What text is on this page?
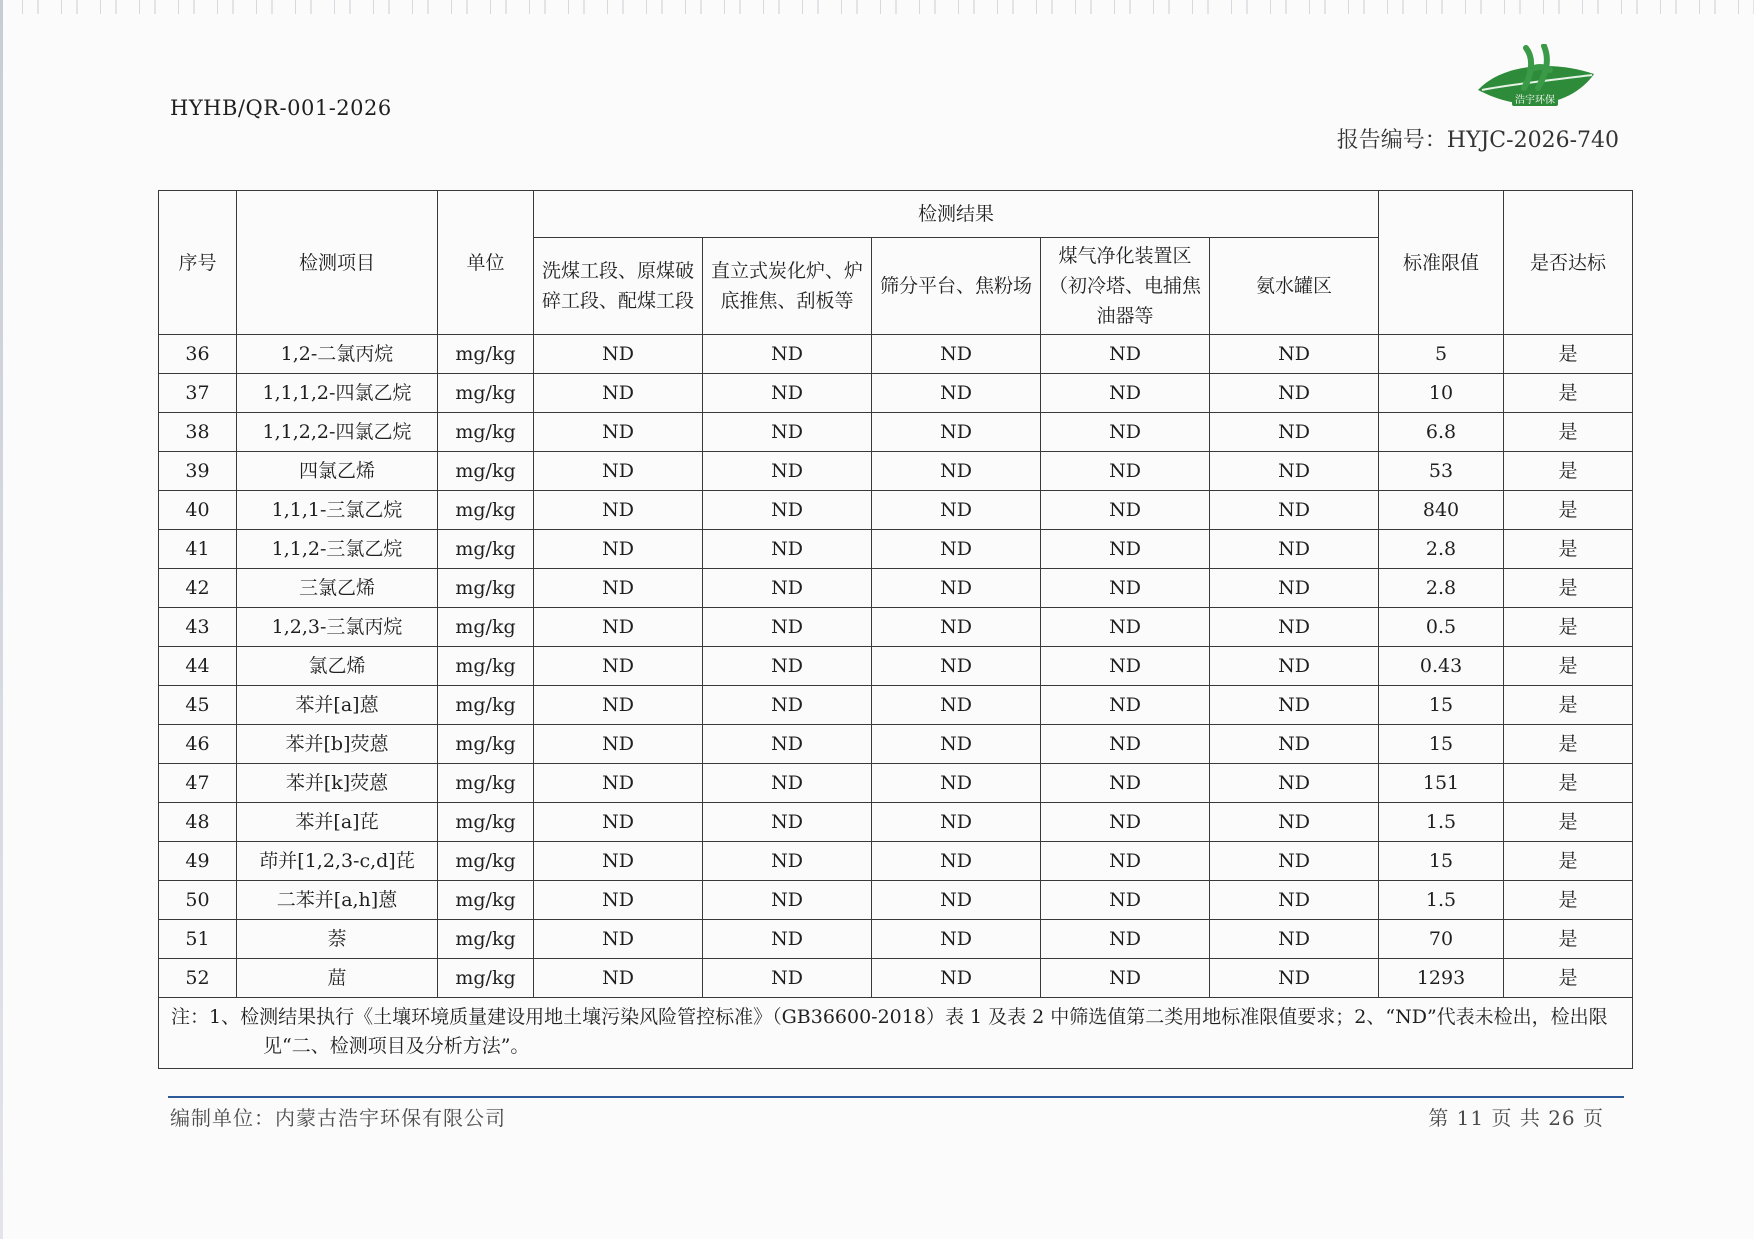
HYHB/QR-001-2026	浩宇环保
报告编号：HYJC-2026-740
序号	检测项目	单位	检测结果					标准限值	是否达标
			洗煤工段、原煤破碎工段、配煤工段	直立式炭化炉、炉底推焦、刮板等	筛分平台、焦粉场	煤气净化装置区（初冷塔、电捕焦油器等	氨水罐区		
36	1,2-二氯丙烷	mg/kg	ND	ND	ND	ND	ND	5	是
37	1,1,1,2-四氯乙烷	mg/kg	ND	ND	ND	ND	ND	10	是
38	1,1,2,2-四氯乙烷	mg/kg	ND	ND	ND	ND	ND	6.8	是
39	四氯乙烯	mg/kg	ND	ND	ND	ND	ND	53	是
40	1,1,1-三氯乙烷	mg/kg	ND	ND	ND	ND	ND	840	是
41	1,1,2-三氯乙烷	mg/kg	ND	ND	ND	ND	ND	2.8	是
42	三氯乙烯	mg/kg	ND	ND	ND	ND	ND	2.8	是
43	1,2,3-三氯丙烷	mg/kg	ND	ND	ND	ND	ND	0.5	是
44	氯乙烯	mg/kg	ND	ND	ND	ND	ND	0.43	是
45	苯并[a]蒽	mg/kg	ND	ND	ND	ND	ND	15	是
46	苯并[b]荧蒽	mg/kg	ND	ND	ND	ND	ND	15	是
47	苯并[k]荧蒽	mg/kg	ND	ND	ND	ND	ND	151	是
48	苯并[a]芘	mg/kg	ND	ND	ND	ND	ND	1.5	是
49	茚并[1,2,3-c,d]芘	mg/kg	ND	ND	ND	ND	ND	15	是
50	二苯并[a,h]蒽	mg/kg	ND	ND	ND	ND	ND	1.5	是
51	萘	mg/kg	ND	ND	ND	ND	ND	70	是
52	䓛	mg/kg	ND	ND	ND	ND	ND	1293	是

注：1、检测结果执行《土壤环境质量建设用地土壤污染风险管控标准》（GB36600-2018）表 1 及表 2 中筛选值第二类用地标准限值要求；2、“ND”代表未检出，检出限见“二、检测项目及分析方法”。									
编制单位：内蒙古浩宇环保有限公司	第 11 页 共 26 页
